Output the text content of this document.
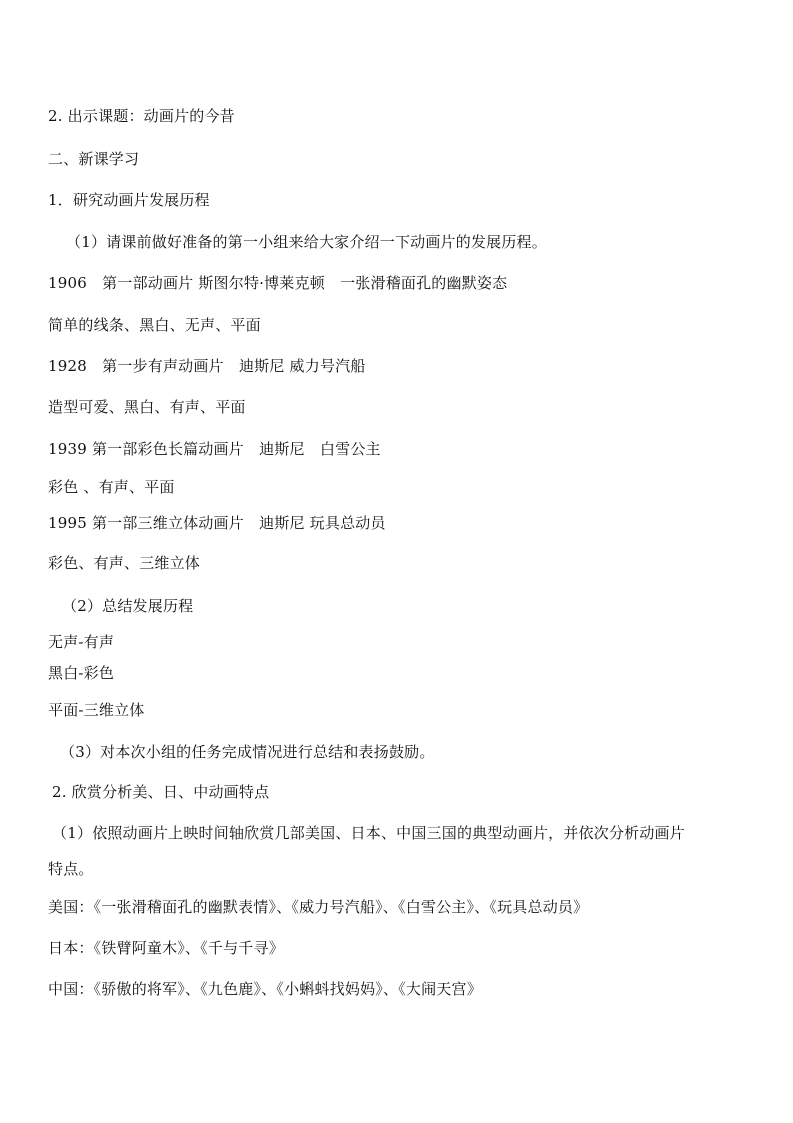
2. 出示课题：动画片的今昔
二、新课学习
1．研究动画片发展历程
（1）请课前做好准备的第一小组来给大家介绍一下动画片的发展历程。
1906　第一部动画片 斯图尔特·博莱克顿　一张滑稽面孔的幽默姿态
简单的线条、黑白、无声、平面
1928　第一步有声动画片　迪斯尼 威力号汽船
造型可爱、黑白、有声、平面
1939 第一部彩色长篇动画片　迪斯尼　白雪公主
彩色 、有声、平面
1995 第一部三维立体动画片　迪斯尼 玩具总动员
彩色、有声、三维立体
（2）总结发展历程
无声-有声
黑白-彩色
平面-三维立体
（3）对本次小组的任务完成情况进行总结和表扬鼓励。
2. 欣赏分析美、日、中动画特点
（1）依照动画片上映时间轴欣赏几部美国、日本、中国三国的典型动画片，并依次分析动画片
特点。
美国：《一张滑稽面孔的幽默表情》、《威力号汽船》、《白雪公主》、《玩具总动员》
日本：《铁臂阿童木》、《千与千寻》
中国：《骄傲的将军》、《九色鹿》、《小蝌蚪找妈妈》、《大闹天宫》
